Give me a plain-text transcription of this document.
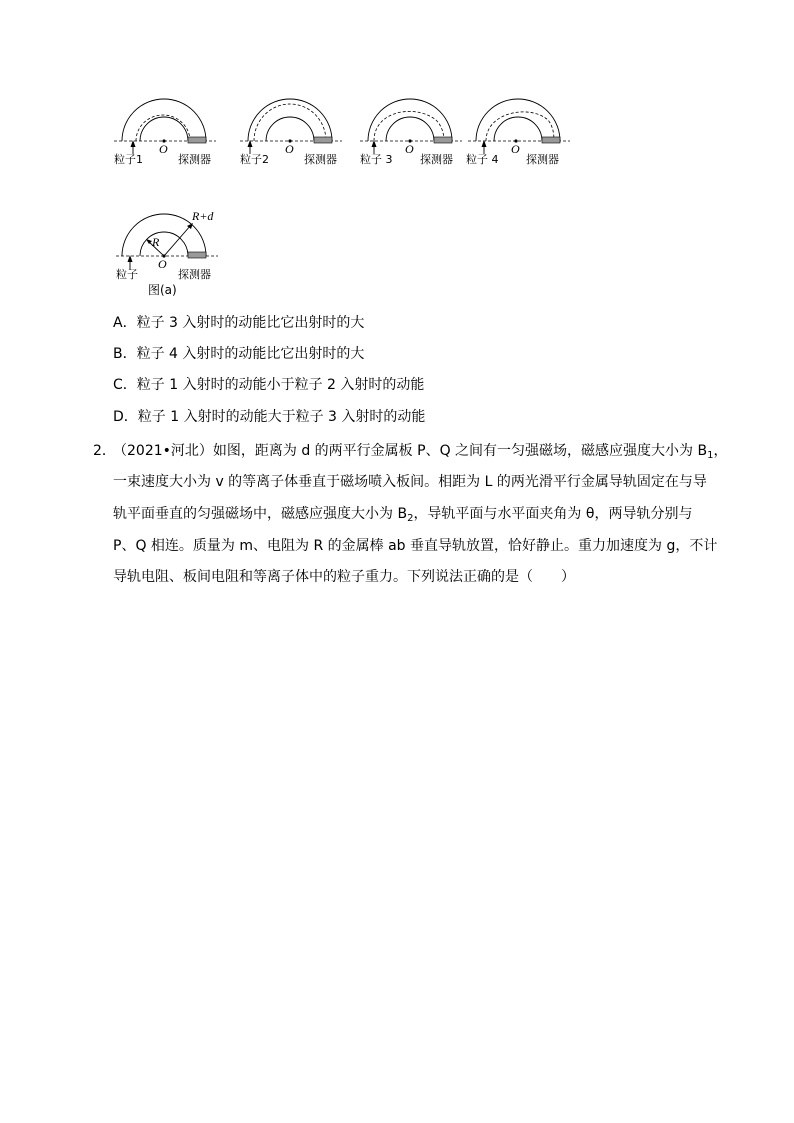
O
粒子1	探测器
O
粒子2	探测器
O
粒子 3	探测器
O
粒子 4	探测器
R
R+d
O
粒子	探测器
图(a)
A．粒子 3 入射时的动能比它出射时的大
B．粒子 4 入射时的动能比它出射时的大
C．粒子 1 入射时的动能小于粒子 2 入射时的动能
D．粒子 1 入射时的动能大于粒子 3 入射时的动能
2．
（2021•河北）如图，距离为 d 的两平行金属板 P、Q 之间有一匀强磁场，磁感应强度大小为 $B_1$，
一束速度大小为 v 的等离子体垂直于磁场喷入板间。相距为 L 的两光滑平行金属导轨固定在与导
轨平面垂直的匀强磁场中，磁感应强度大小为 $B_2$，导轨平面与水平面夹角为 θ，两导轨分别与
P、Q 相连。质量为 m、电阻为 R 的金属棒 ab 垂直导轨放置，恰好静止。重力加速度为 g，不计
导轨电阻、板间电阻和等离子体中的粒子重力。下列说法正确的是（　　）
